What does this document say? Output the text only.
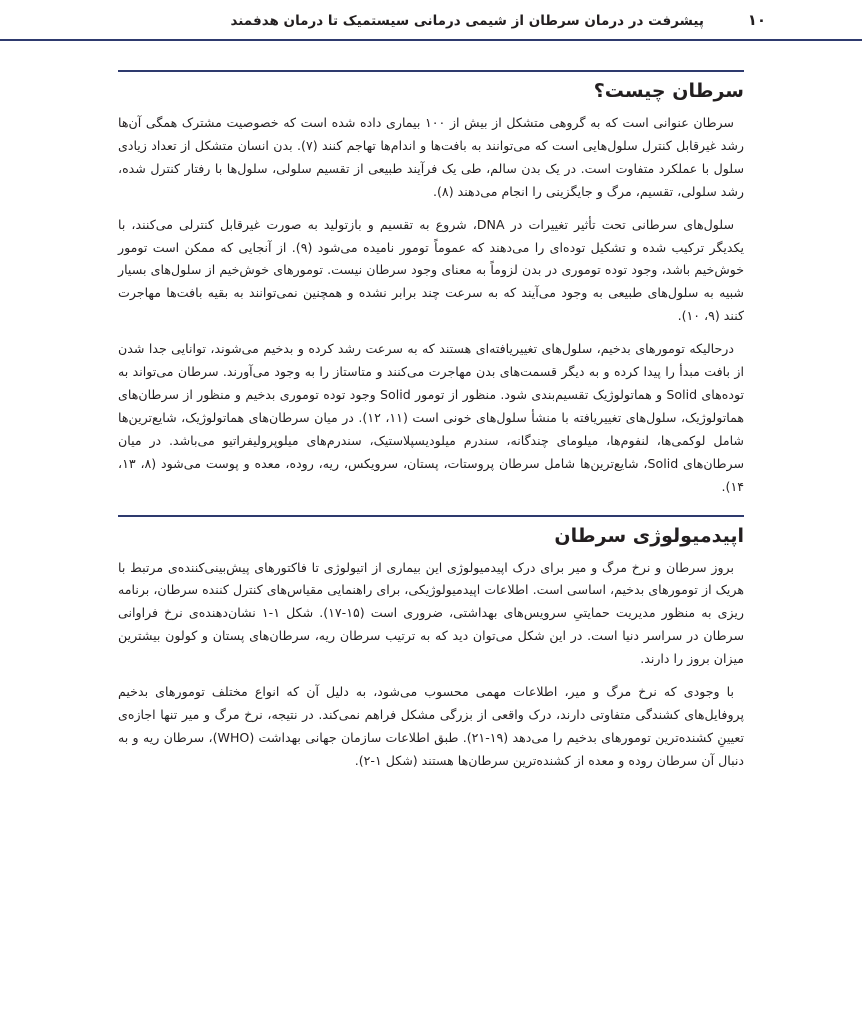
۱۰
پیشرفت در درمان سرطان از شیمی درمانی سیستمیک تا درمان هدفمند
سرطان چیست؟

سرطان عنوانی است که به گروهی متشکل از بیش از ۱۰۰ بیماری داده شده است که خصوصیت مشترک همگی آن‌ها رشد غیرقابل کنترل سلول‌هایی است که می‌توانند به بافت‌ها و اندام‌ها تهاجم کنند (۷). بدن انسان متشکل از تعداد زیادی سلول با عملکرد متفاوت است. در یک بدن سالم، طی یک فرآیند طبیعی از تقسیم سلولی، سلول‌ها با رفتار کنترل شده، رشد سلولی، تقسیم، مرگ و جایگزینی را انجام می‌دهند (۸).

سلول‌های سرطانی تحت تأثیر تغییرات در DNA، شروع به تقسیم و بازتولید به صورت غیرقابل کنترلی می‌کنند، با یکدیگر ترکیب شده و تشکیل توده‌ای را می‌دهند که عموماً تومور نامیده می‌شود (۹). از آنجایی که ممکن است تومور خوش‌خیم باشد، وجود توده توموری در بدن لزوماً به معنای وجود سرطان نیست. تومورهای خوش‌خیم از سلول‌های بسیار شبیه به سلول‌های طبیعی به وجود می‌آیند که به سرعت چند برابر نشده و همچنین نمی‌توانند به بقیه بافت‌ها مهاجرت کنند (۹، ۱۰).

درحالیکه تومورهای بدخیم، سلول‌های تغییریافته‌ای هستند که به سرعت رشد کرده و بدخیم می‌شوند، توانایی جدا شدن از بافت مبدأ را پیدا کرده و به دیگر قسمت‌های بدن مهاجرت می‌کنند و متاستاز را به وجود می‌آورند. سرطان می‌تواند به توده‌های Solid و هماتولوژیک تقسیم‌بندی شود. منظور از تومور Solid وجود توده توموری بدخیم و منظور از سرطان‌های هماتولوژیک، سلول‌های تغییریافته با منشأ سلول‌های خونی است (۱۱، ۱۲). در میان سرطان‌های هماتولوژیک، شایع‌ترین‌ها شامل لوکمی‌ها، لنفوم‌ها، میلومای چندگانه، سندرم میلودیسپلاستیک، سندرم‌های میلوپرولیفراتیو می‌باشد. در میان سرطان‌های Solid، شایع‌ترین‌ها شامل سرطان پروستات، پستان، سرویکس، ریه، روده، معده و پوست می‌شود (۸، ۱۳، ۱۴).

اپیدمیولوژی سرطان

بروز سرطان و نرخ مرگ و میر برای درک اپیدمیولوژی این بیماری از اتیولوژی تا فاکتورهای پیش‌بینی‌کننده‌ی مرتبط با هریک از تومورهای بدخیم، اساسی است. اطلاعات اپیدمیولوژیکی، برای راهنمایی مقیاس‌های کنترل کننده سرطان، برنامه ریزی به منظور مدیریت حمایتیِ سرویس‌های بهداشتی، ضروری است (۱۵-۱۷). شکل ۱-۱ نشان‌دهنده‌ی نرخ فراوانی سرطان در سراسر دنیا است. در این شکل می‌توان دید که به ترتیب سرطان ریه، سرطان‌های پستان و کولون بیشترین میزان بروز را دارند.

با وجودی که نرخ مرگ و میر، اطلاعات مهمی محسوب می‌شود، به دلیل آن که انواع مختلف تومورهای بدخیم پروفایل‌های کشندگی متفاوتی دارند، درک واقعی از بزرگی مشکل فراهم نمی‌کند. در نتیجه، نرخ مرگ و میر تنها اجازه‌ی تعیینِ کشنده‌ترین تومورهای بدخیم را می‌دهد (۱۹-۲۱). طبق اطلاعات سازمان جهانی بهداشت (WHO)، سرطان ریه و به دنبال آن سرطان روده و معده از کشنده‌ترین سرطان‌ها هستند (شکل ۱-۲).
